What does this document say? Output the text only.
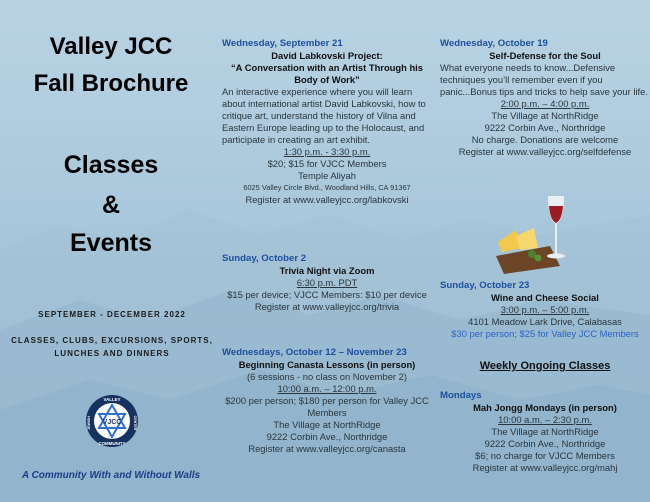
Valley JCC
Fall Brochure
Classes
&
Events
SEPTEMBER - DECEMBER 2022
CLASSES, CLUBS, EXCURSIONS, SPORTS,
LUNCHES AND DINNERS
VJCC
VALLEY
COMMUNITY
JEWISH	CENTER
A Community With and Without Walls
Wednesday, September 21
David Labkovski Project:
“A Conversation with an Artist Through his Body of Work”
An interactive experience where you will learn about international artist David Labkovski, how to critique art, understand the history of Vilna and Eastern Europe leading up to the Holocaust, and participate in creating an art exhibit.
1:30 p.m. - 3:30 p.m.
$20; $15 for VJCC Members
Temple Aliyah
6025 Valley Circle Blvd., Woodland Hills, CA 91367
Register at www.valleyjcc.org/labkovski
Sunday, October 2
Trivia Night via Zoom
6:30 p.m. PDT
$15 per device; VJCC Members: $10 per device
Register at www.valleyjcc.org/trivia
Wednesdays, October 12 – November 23
Beginning Canasta Lessons (in person)
(6 sessions - no class on November 2)
10:00 a.m. – 12:00 p.m.
$200 per person; $180 per person for Valley JCC Members
The Village at NorthRidge
9222 Corbin Ave., Northridge
Register at www.valleyjcc.org/canasta
Wednesday, October 19
Self-Defense for the Soul
What everyone needs to know...Defensive techniques you’ll remember even if you panic...Bonus tips and tricks to help save your life.
2:00 p.m. – 4:00 p.m.
The Village at NorthRidge
9222 Corbin Ave., Northridge
No charge. Donations are welcome
Register at www.valleyjcc.org/selfdefense
Sunday, October 23
Wine and Cheese Social
3:00 p.m. – 5:00 p.m.
4101 Meadow Lark Drive, Calabasas
$30 per person; $25 for Valley JCC Members
Mondays
Mah Jongg Mondays (in person)
10:00 a.m. – 2:30 p.m.
The Village at NorthRidge
9222 Corbin Ave., Northridge
$6; no charge for VJCC Members
Register at www.valleyjcc.org/mahj
Weekly Ongoing Classes
